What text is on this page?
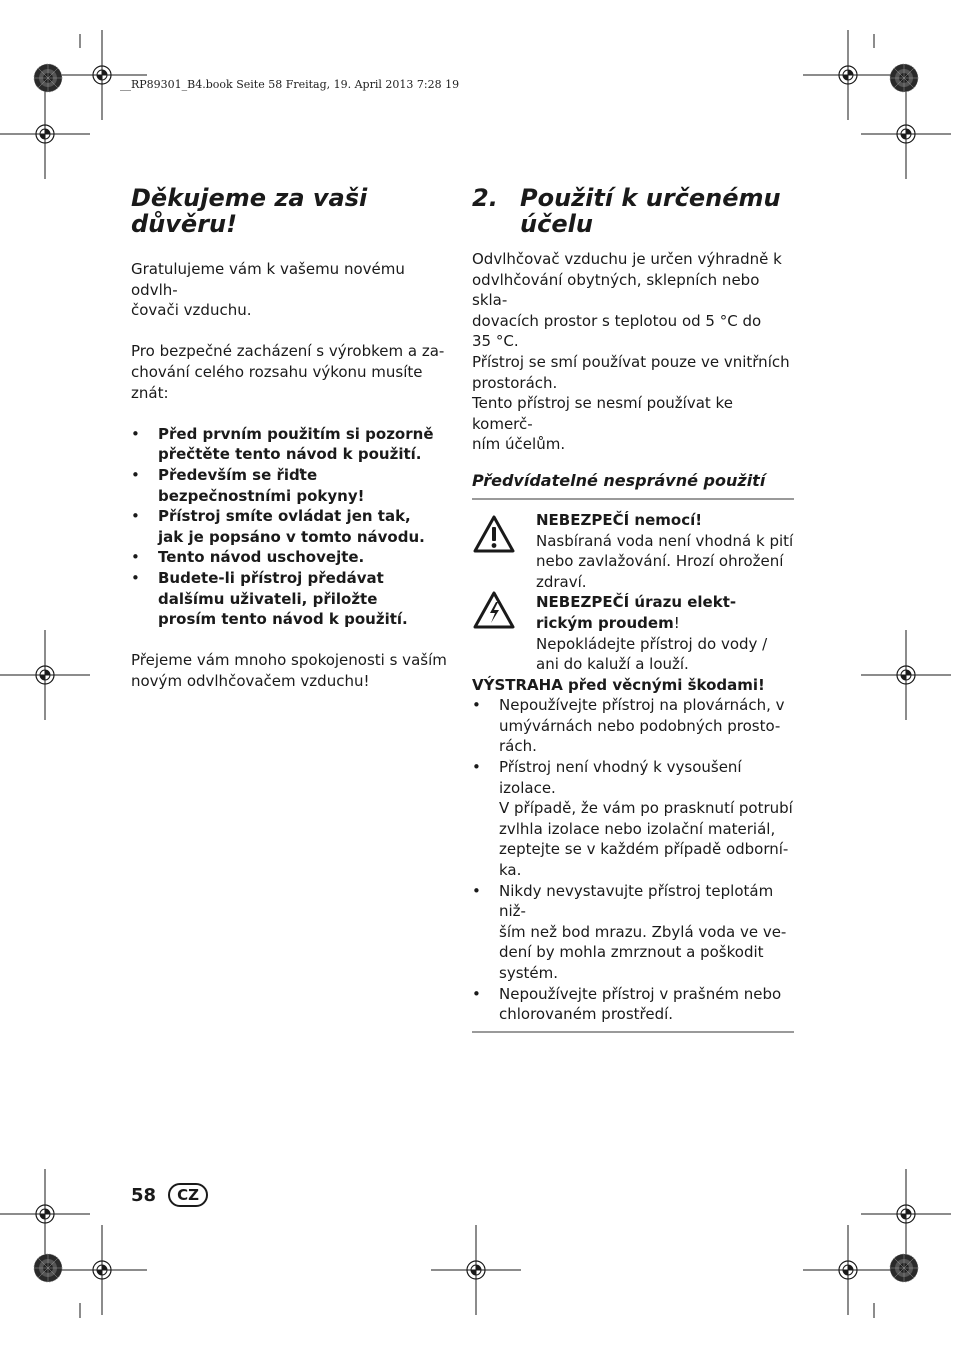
__RP89301_B4.book Seite 58 Freitag, 19. April 2013 7:28 19
Děkujeme za vaši důvěru!

Gratulujeme vám k vašemu novému odvlh-
čovači vzduchu.

Pro bezpečné zacházení s výrobkem a za-
chování celého rozsahu výkonu musíte znát:

• Před prvním použitím si pozorně
přečtěte tento návod k použití.
• Především se řiďte
bezpečnostními pokyny!
• Přístroj smíte ovládat jen tak,
jak je popsáno v tomto návodu.
• Tento návod uschovejte.
• Budete-li přístroj předávat
dalšímu uživateli, přiložte
prosím tento návod k použití.

Přejeme vám mnoho spokojenosti s vaším
novým odvlhčovačem vzduchu!

2. Použití k určenému
účelu

Odvlhčovač vzduchu je určen výhradně k
odvlhčování obytných, sklepních nebo skla-
dovacích prostor s teplotou od 5 °C do
35 °C.
Přístroj se smí používat pouze ve vnitřních
prostorách.
Tento přístroj se nesmí používat ke komerč-
ním účelům.

Předvídatelné nesprávné použití

NEBEZPEČÍ nemocí!
Nasbíraná voda není vhodná k pití
nebo zavlažování. Hrozí ohrožení
zdraví.
NEBEZPEČÍ úrazu elekt-
rickým proudem!
Nepokládejte přístroj do vody /
ani do kaluží a louží.

VÝSTRAHA před věcnými škodami!

• Nepoužívejte přístroj na plovárnách, v
umývárnách nebo podobných prosto-
rách.
• Přístroj není vhodný k vysoušení izolace.
V případě, že vám po prasknutí potrubí
zvlhla izolace nebo izolační materiál,
zeptejte se v každém případě odborní-
ka.
• Nikdy nevystavujte přístroj teplotám niž-
ším než bod mrazu. Zbylá voda ve ve-
dení by mohla zmrznout a poškodit
systém.
• Nepoužívejte přístroj v prašném nebo
chlorovaném prostředí.
58	CZ
